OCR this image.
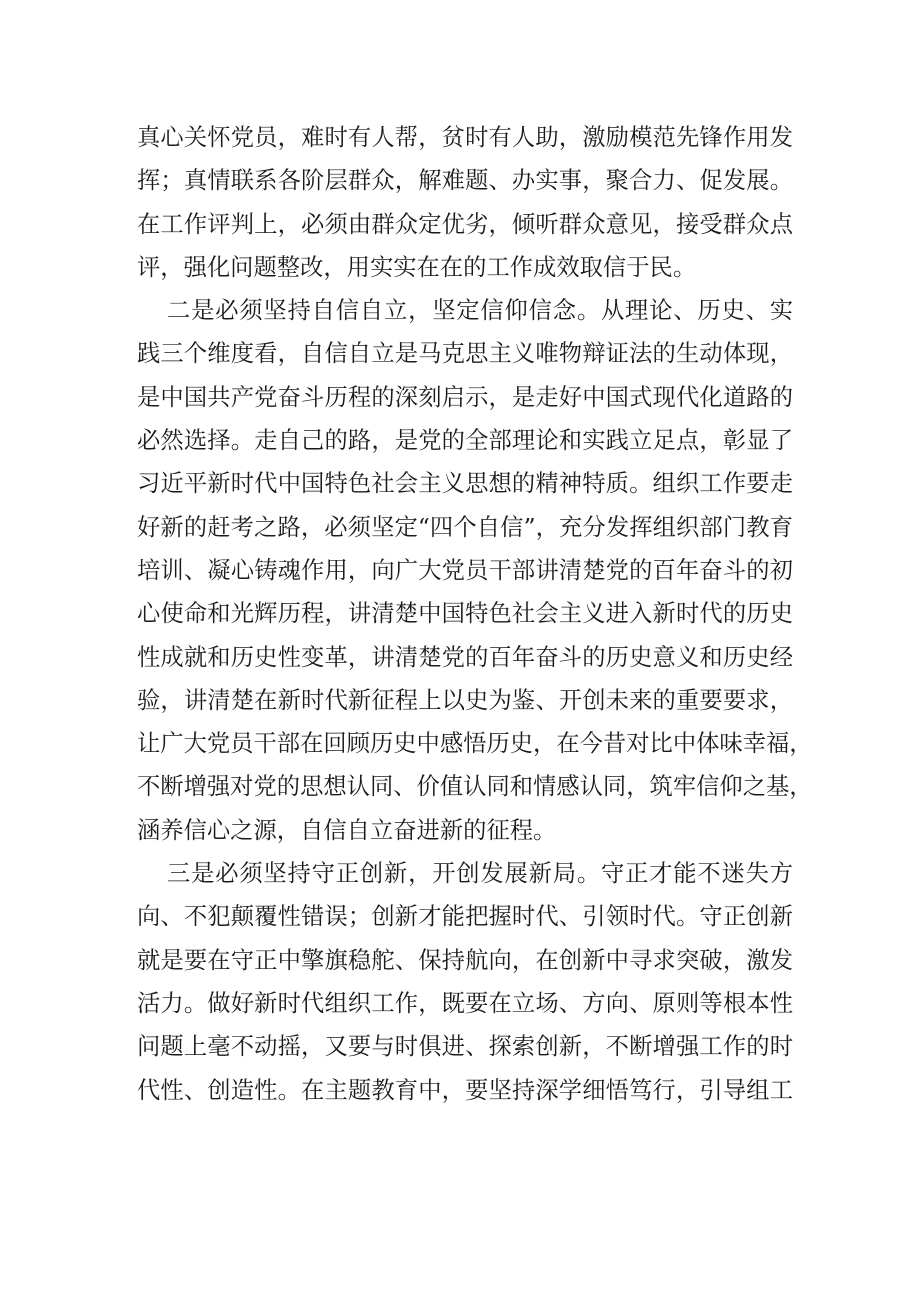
真心关怀党员，难时有人帮，贫时有人助，激励模范先锋作用发
挥；真情联系各阶层群众，解难题、办实事，聚合力、促发展。
在工作评判上，必须由群众定优劣，倾听群众意见，接受群众点
评，强化问题整改，用实实在在的工作成效取信于民。
二是必须坚持自信自立，坚定信仰信念。从理论、历史、实
践三个维度看，自信自立是马克思主义唯物辩证法的生动体现，
是中国共产党奋斗历程的深刻启示，是走好中国式现代化道路的
必然选择。走自己的路，是党的全部理论和实践立足点，彰显了
习近平新时代中国特色社会主义思想的精神特质。组织工作要走
好新的赶考之路，必须坚定“四个自信”，充分发挥组织部门教育
培训、凝心铸魂作用，向广大党员干部讲清楚党的百年奋斗的初
心使命和光辉历程，讲清楚中国特色社会主义进入新时代的历史
性成就和历史性变革，讲清楚党的百年奋斗的历史意义和历史经
验，讲清楚在新时代新征程上以史为鉴、开创未来的重要要求，
让广大党员干部在回顾历史中感悟历史，在今昔对比中体味幸福，
不断增强对党的思想认同、价值认同和情感认同，筑牢信仰之基，
涵养信心之源，自信自立奋进新的征程。
三是必须坚持守正创新，开创发展新局。守正才能不迷失方
向、不犯颠覆性错误；创新才能把握时代、引领时代。守正创新
就是要在守正中擎旗稳舵、保持航向，在创新中寻求突破，激发
活力。做好新时代组织工作，既要在立场、方向、原则等根本性
问题上毫不动摇，又要与时俱进、探索创新，不断增强工作的时
代性、创造性。在主题教育中，要坚持深学细悟笃行，引导组工
